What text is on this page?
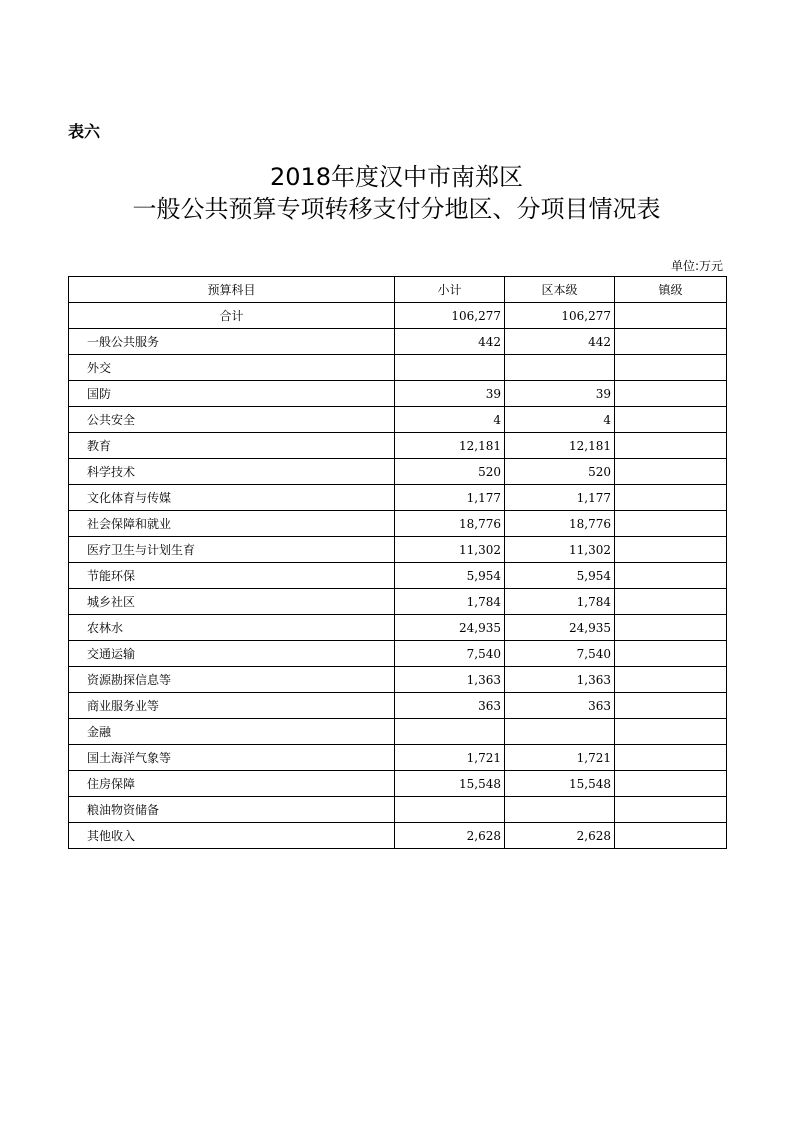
表六
2018年度汉中市南郑区
一般公共预算专项转移支付分地区、分项目情况表
单位:万元
预算科目	小计	区本级	镇级
合计	106,277	106,277	
一般公共服务	442	442	
外交			
国防	39	39	
公共安全	4	4	
教育	12,181	12,181	
科学技术	520	520	
文化体育与传媒	1,177	1,177	
社会保障和就业	18,776	18,776	
医疗卫生与计划生育	11,302	11,302	
节能环保	5,954	5,954	
城乡社区	1,784	1,784	
农林水	24,935	24,935	
交通运输	7,540	7,540	
资源勘探信息等	1,363	1,363	
商业服务业等	363	363	
金融			
国土海洋气象等	1,721	1,721	
住房保障	15,548	15,548	
粮油物资储备			
其他收入	2,628	2,628	
